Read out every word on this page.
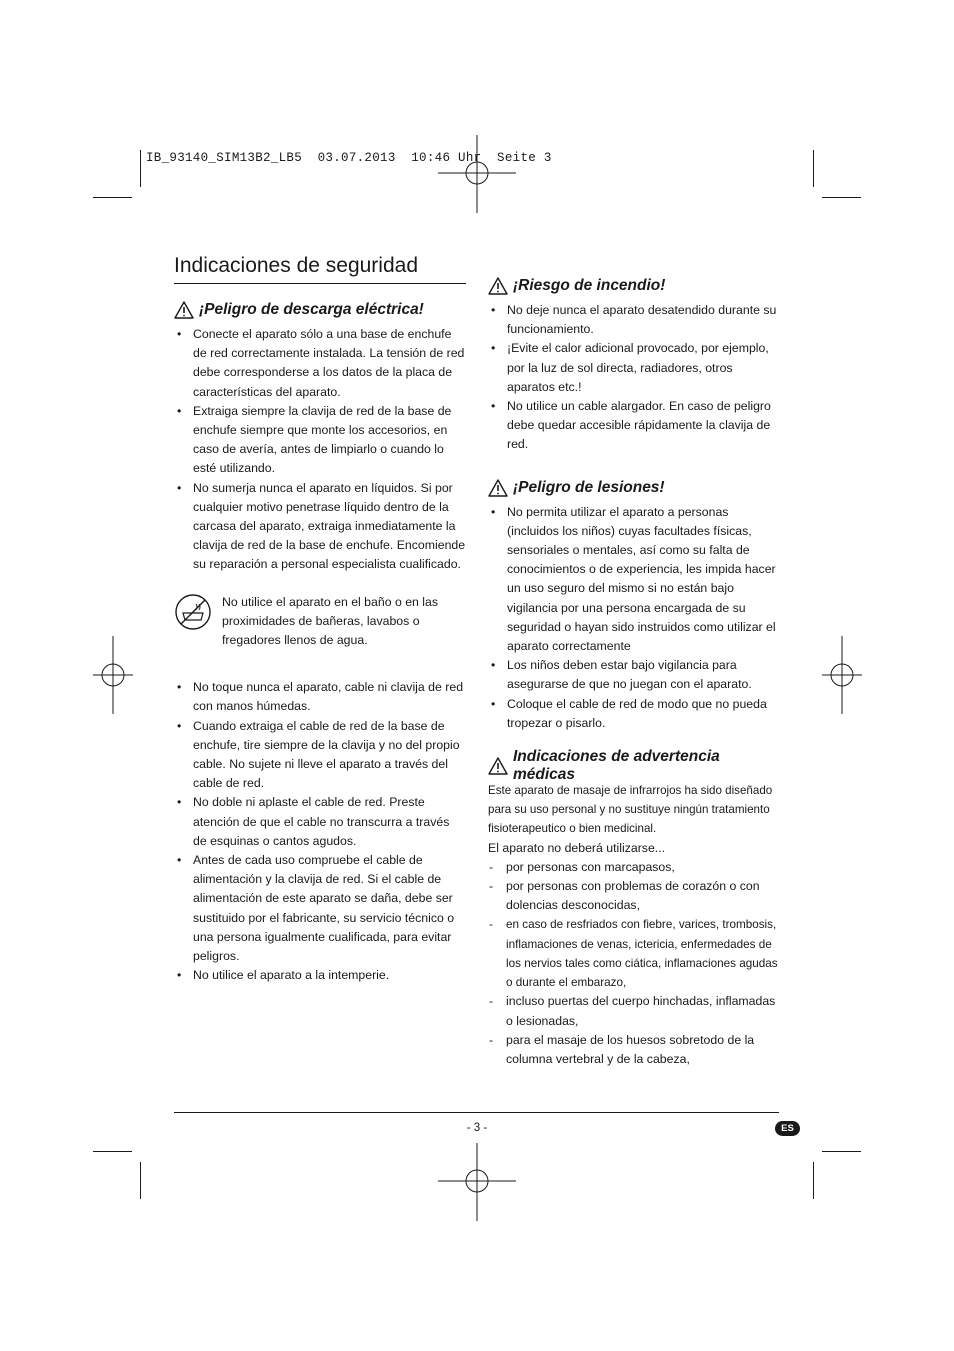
IB_93140_SIM13B2_LB5  03.07.2013  10:46 Uhr  Seite 3
Indicaciones de seguridad
¡Peligro de descarga eléctrica!
• Conecte el aparato sólo a una base de enchufe de red correctamente instalada. La tensión de red debe corresponderse a los datos de la placa de características del aparato.
• Extraiga siempre la clavija de red de la base de enchufe siempre que monte los accesorios, en caso de avería, antes de limpiarlo o cuando lo esté utilizando.
• No sumerja nunca el aparato en líquidos. Si por cualquier motivo penetrase líquido dentro de la carcasa del aparato, extraiga inmediatamente la clavija de red de la base de enchufe. Encomiende su reparación a personal especialista cualificado.
No utilice el aparato en el baño o en las proximidades de bañeras, lavabos o fregadores llenos de agua.
• No toque nunca el aparato, cable ni clavija de red con manos húmedas.
• Cuando extraiga el cable de red de la base de enchufe, tire siempre de la clavija y no del propio cable. No sujete ni lleve el aparato a través del cable de red.
• No doble ni aplaste el cable de red. Preste atención de que el cable no transcurra a través de esquinas o cantos agudos.
• Antes de cada uso compruebe el cable de alimentación y la clavija de red. Si el cable de alimentación de este aparato se daña, debe ser sustituido por el fabricante, su servicio técnico o una persona igualmente cualificada, para evitar peligros.
• No utilice el aparato a la intemperie.
¡Riesgo de incendio!
• No deje nunca el aparato desatendido durante su funcionamiento.
• ¡Evite el calor adicional provocado, por ejemplo, por la luz de sol directa, radiadores, otros aparatos etc.!
• No utilice un cable alargador. En caso de peligro debe quedar accesible rápidamente la clavija de red.
¡Peligro de lesiones!
• No permita utilizar el aparato a personas (incluidos los niños) cuyas facultades físicas, sensoriales o mentales, así como su falta de conocimientos o de experiencia, les impida hacer un uso seguro del mismo si no están bajo vigilancia por una persona encargada de su seguridad o hayan sido instruidos como utilizar el aparato correctamente
• Los niños deben estar bajo vigilancia para asegurarse de que no juegan con el aparato.
• Coloque el cable de red de modo que no pueda tropezar o pisarlo.
Indicaciones de advertencia médicas

Este aparato de masaje de infrarrojos ha sido diseñado para su uso personal y no sustituye ningún tratamiento fisioterapeutico o bien medicinal.

El aparato no deberá utilizarse...

- por personas con marcapasos,
- por personas con problemas de corazón o con dolencias desconocidas,
- en caso de resfriados con fiebre, varices, trombosis, inflamaciones de venas, ictericia, enfermedades de los nervios tales como ciática, inflamaciones agudas o durante el embarazo,
- incluso puertas del cuerpo hinchadas, inflamadas o lesionadas,
- para el masaje de los huesos sobretodo de la columna vertebral y de la cabeza,
- 3 -	ES
